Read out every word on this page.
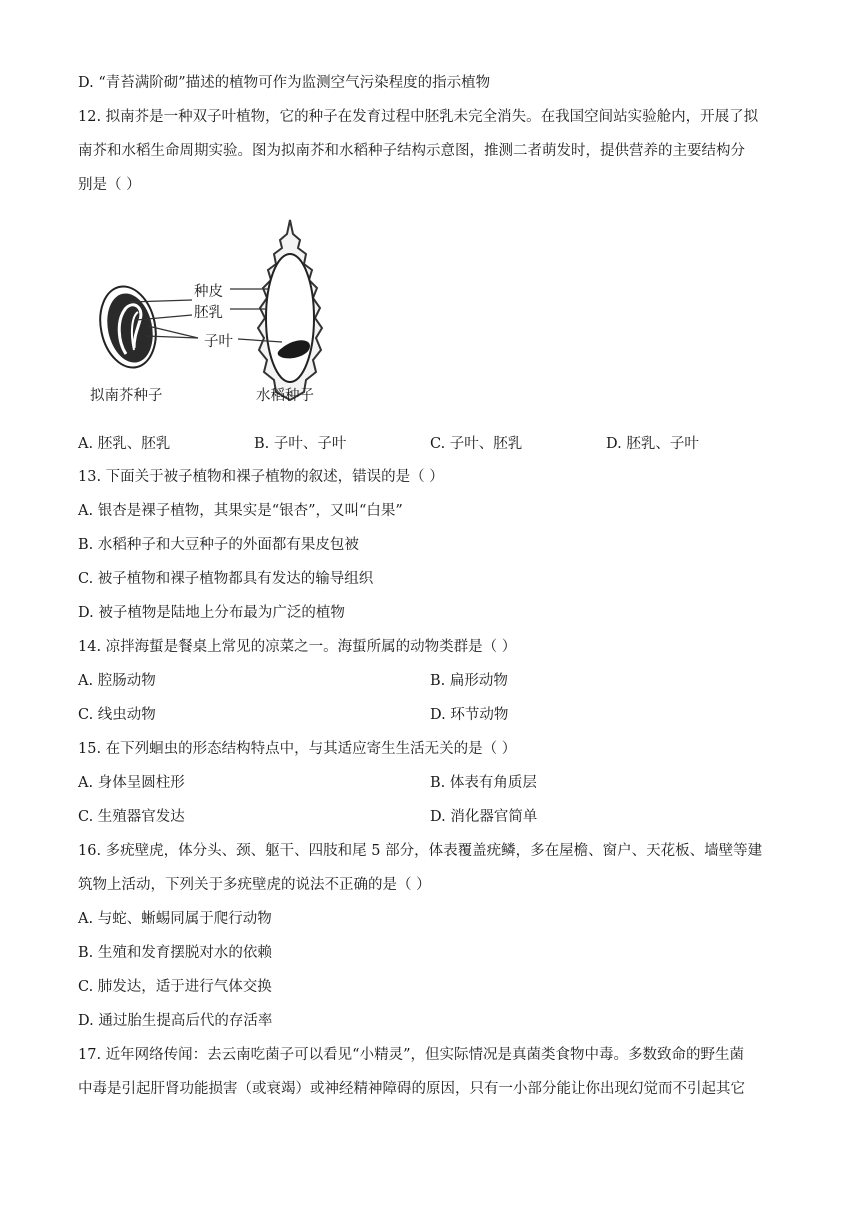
D. “青苔满阶砌”描述的植物可作为监测空气污染程度的指示植物
12. 拟南芥是一种双子叶植物，它的种子在发育过程中胚乳未完全消失。在我国空间站实验舱内，开展了拟
南芥和水稻生命周期实验。图为拟南芥和水稻种子结构示意图，推测二者萌发时，提供营养的主要结构分
别是（ ）
种皮
胚乳
子叶
拟南芥种子	水稻种子
A. 胚乳、胚乳	B. 子叶、子叶	C. 子叶、胚乳	D. 胚乳、子叶
13. 下面关于被子植物和裸子植物的叙述，错误的是（ ）
A. 银杏是裸子植物，其果实是“银杏”，又叫“白果”
B. 水稻种子和大豆种子的外面都有果皮包被
C. 被子植物和裸子植物都具有发达的输导组织
D. 被子植物是陆地上分布最为广泛的植物
14. 凉拌海蜇是餐桌上常见的凉菜之一。海蜇所属的动物类群是（ ）
A. 腔肠动物	B. 扁形动物
C. 线虫动物	D. 环节动物
15. 在下列蛔虫的形态结构特点中，与其适应寄生生活无关的是（ ）
A. 身体呈圆柱形	B. 体表有角质层
C. 生殖器官发达	D. 消化器官简单
16. 多疣壁虎，体分头、颈、躯干、四肢和尾 5 部分，体表覆盖疣鳞，多在屋檐、窗户、天花板、墙壁等建
筑物上活动，下列关于多疣壁虎的说法不正确的是（ ）
A. 与蛇、蜥蜴同属于爬行动物
B. 生殖和发育摆脱对水的依赖
C. 肺发达，适于进行气体交换
D. 通过胎生提高后代的存活率
17. 近年网络传闻：去云南吃菌子可以看见“小精灵”，但实际情况是真菌类食物中毒。多数致命的野生菌
中毒是引起肝肾功能损害（或衰竭）或神经精神障碍的原因，只有一小部分能让你出现幻觉而不引起其它
